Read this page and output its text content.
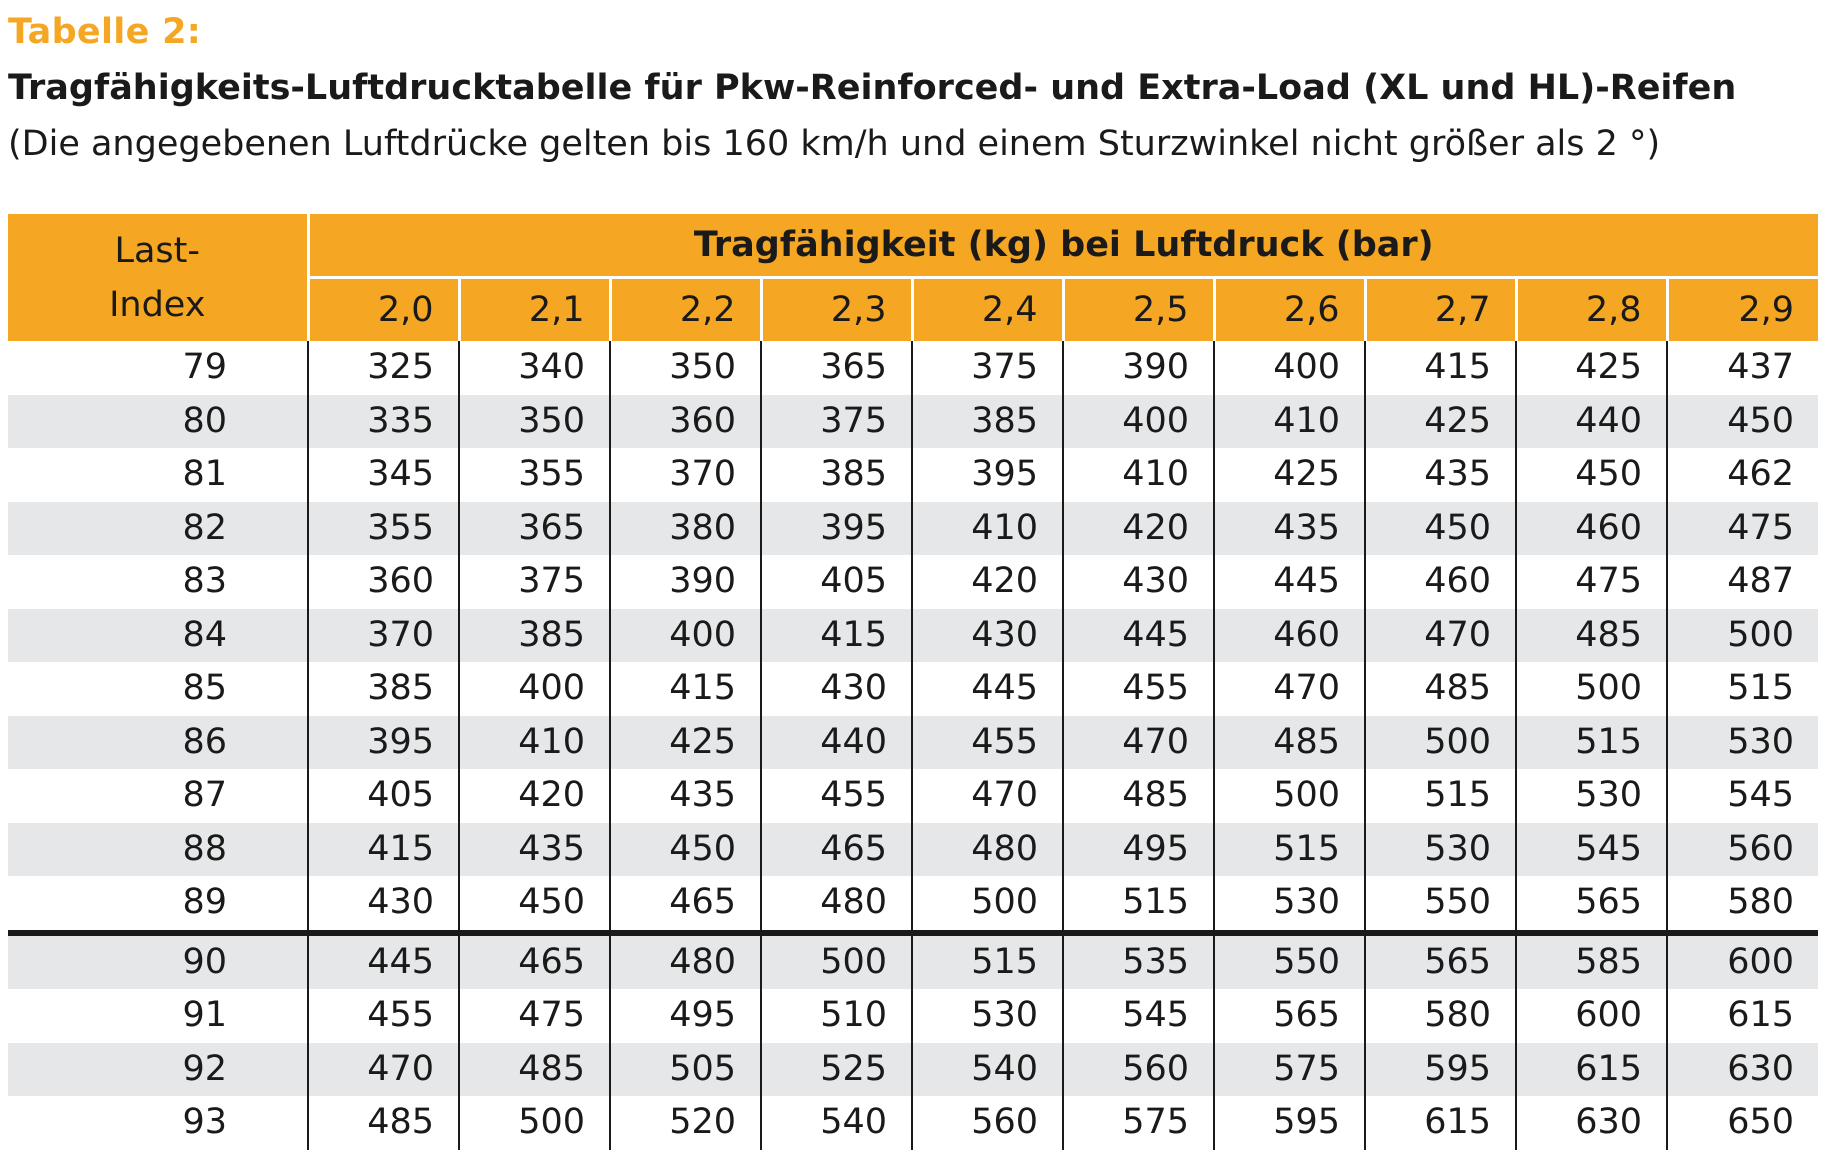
Tabelle 2:
Tragfähigkeits-Luftdrucktabelle für Pkw-Reinforced- und Extra-Load (XL und HL)-Reifen
(Die angegebenen Luftdrücke gelten bis 160 km/h und einem Sturzwinkel nicht größer als 2 °)
Last-
Index	Tragfähigkeit (kg) bei Luftdruck (bar)									
	2,0	2,1	2,2	2,3	2,4	2,5	2,6	2,7	2,8	2,9
79	325	340	350	365	375	390	400	415	425	437
80	335	350	360	375	385	400	410	425	440	450
81	345	355	370	385	395	410	425	435	450	462
82	355	365	380	395	410	420	435	450	460	475
83	360	375	390	405	420	430	445	460	475	487
84	370	385	400	415	430	445	460	470	485	500
85	385	400	415	430	445	455	470	485	500	515
86	395	410	425	440	455	470	485	500	515	530
87	405	420	435	455	470	485	500	515	530	545
88	415	435	450	465	480	495	515	530	545	560
89	430	450	465	480	500	515	530	550	565	580
90	445	465	480	500	515	535	550	565	585	600
91	455	475	495	510	530	545	565	580	600	615
92	470	485	505	525	540	560	575	595	615	630
93	485	500	520	540	560	575	595	615	630	650
